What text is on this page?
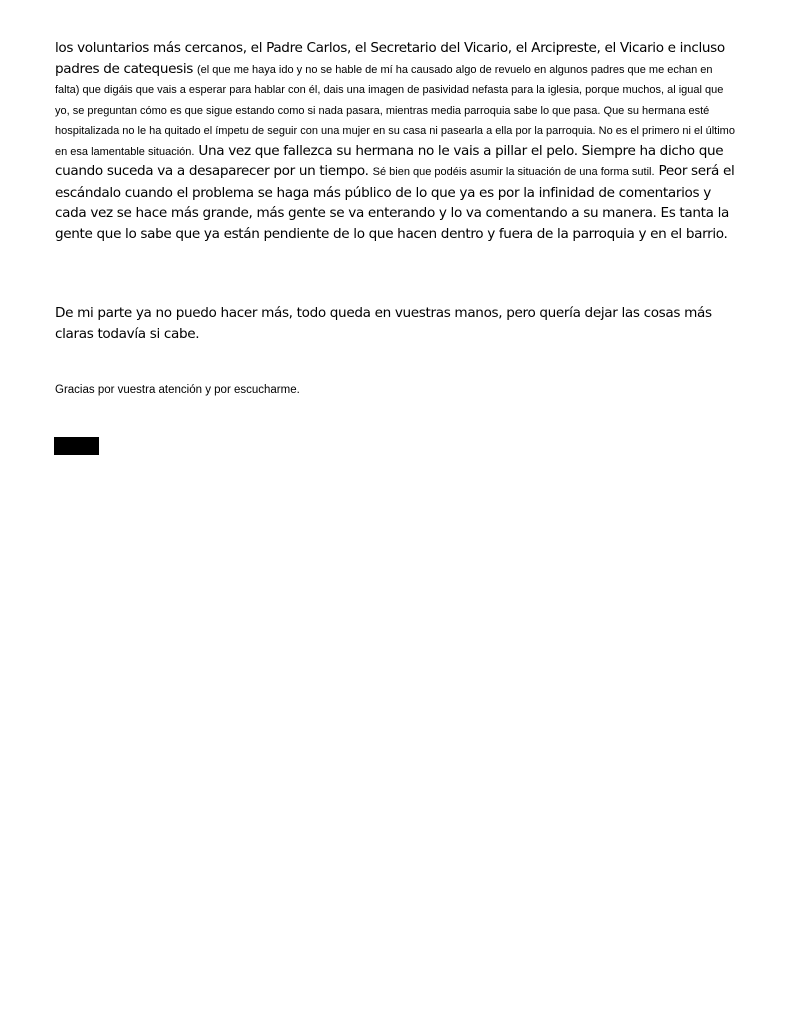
los voluntarios más cercanos, el Padre Carlos, el Secretario del Vicario, el Arcipreste, el Vicario e incluso padres de catequesis (el que me haya ido y no se hable de mí ha causado algo de revuelo en algunos padres que me echan en falta) que digáis que vais a esperar para hablar con él, dais una imagen de pasividad nefasta para la iglesia, porque muchos, al igual que yo, se preguntan cómo es que sigue estando como si nada pasara, mientras media parroquia sabe lo que pasa. Que su hermana esté hospitalizada no le ha quitado el ímpetu de seguir con una mujer en su casa ni pasearla a ella por la parroquia. No es el primero ni el último en esa lamentable situación. Una vez que fallezca su hermana no le vais a pillar el pelo. Siempre ha dicho que cuando suceda va a desaparecer por un tiempo. Sé bien que podéis asumir la situación de una forma sutil. Peor será el escándalo cuando el problema se haga más público de lo que ya es por la infinidad de comentarios y cada vez se hace más grande, más gente se va enterando y lo va comentando a su manera. Es tanta la gente que lo sabe que ya están pendiente de lo que hacen dentro y fuera de la parroquia y en el barrio.

De mi parte ya no puedo hacer más, todo queda en vuestras manos, pero quería dejar las cosas más claras todavía si cabe.

Gracias por vuestra atención y por escucharme.
